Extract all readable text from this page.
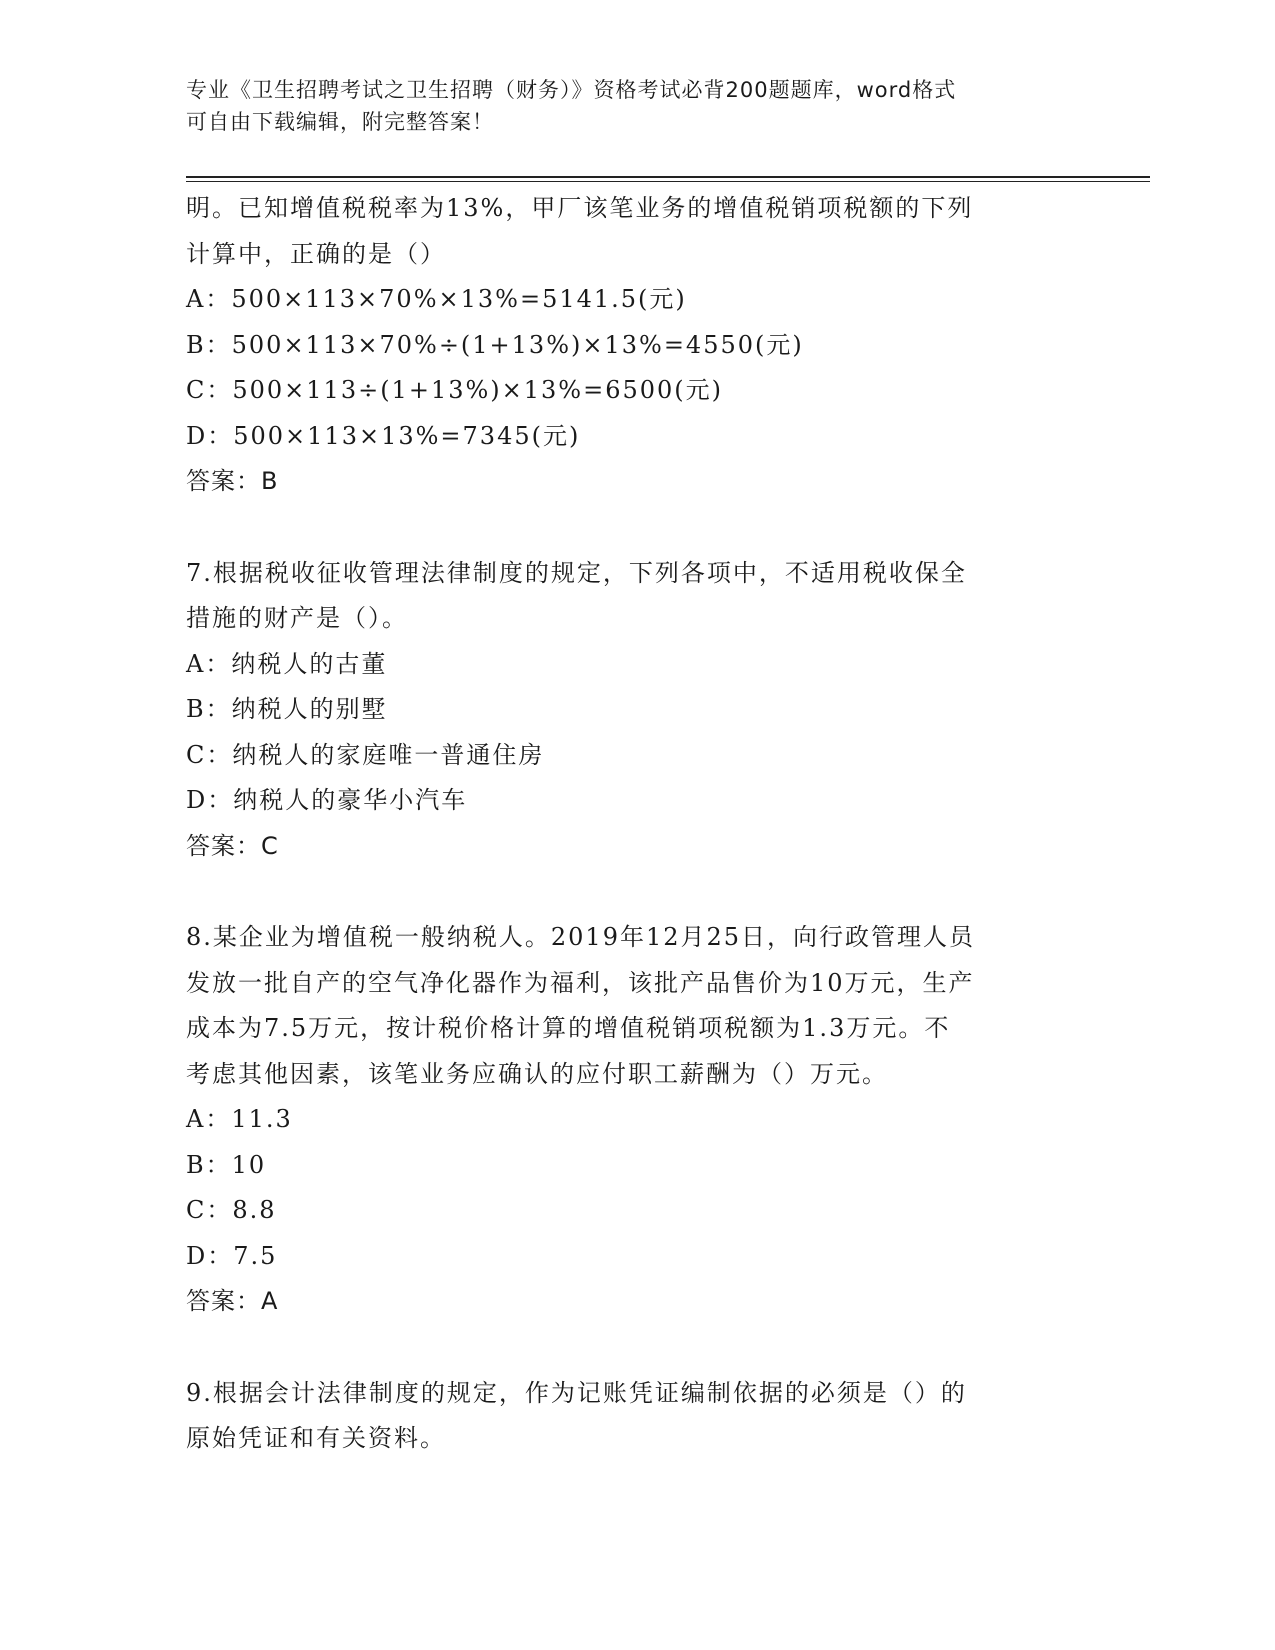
专业《卫生招聘考试之卫生招聘（财务）》资格考试必背200题题库，word格式
可自由下载编辑，附完整答案！
明。已知增值税税率为13%，甲厂该笔业务的增值税销项税额的下列
计算中，正确的是（）
A：500×113×70%×13%=5141.5(元)
B：500×113×70%÷(1+13%)×13%=4550(元)
C：500×113÷(1+13%)×13%=6500(元)
D：500×113×13%=7345(元)
答案：B
7.根据税收征收管理法律制度的规定，下列各项中，不适用税收保全
措施的财产是（）。
A：纳税人的古董
B：纳税人的别墅
C：纳税人的家庭唯一普通住房
D：纳税人的豪华小汽车
答案：C
8.某企业为增值税一般纳税人。2019年12月25日，向行政管理人员
发放一批自产的空气净化器作为福利，该批产品售价为10万元，生产
成本为7.5万元，按计税价格计算的增值税销项税额为1.3万元。不
考虑其他因素，该笔业务应确认的应付职工薪酬为（）万元。
A：11.3
B：10
C：8.8
D：7.5
答案：A
9.根据会计法律制度的规定，作为记账凭证编制依据的必须是（）的
原始凭证和有关资料。
